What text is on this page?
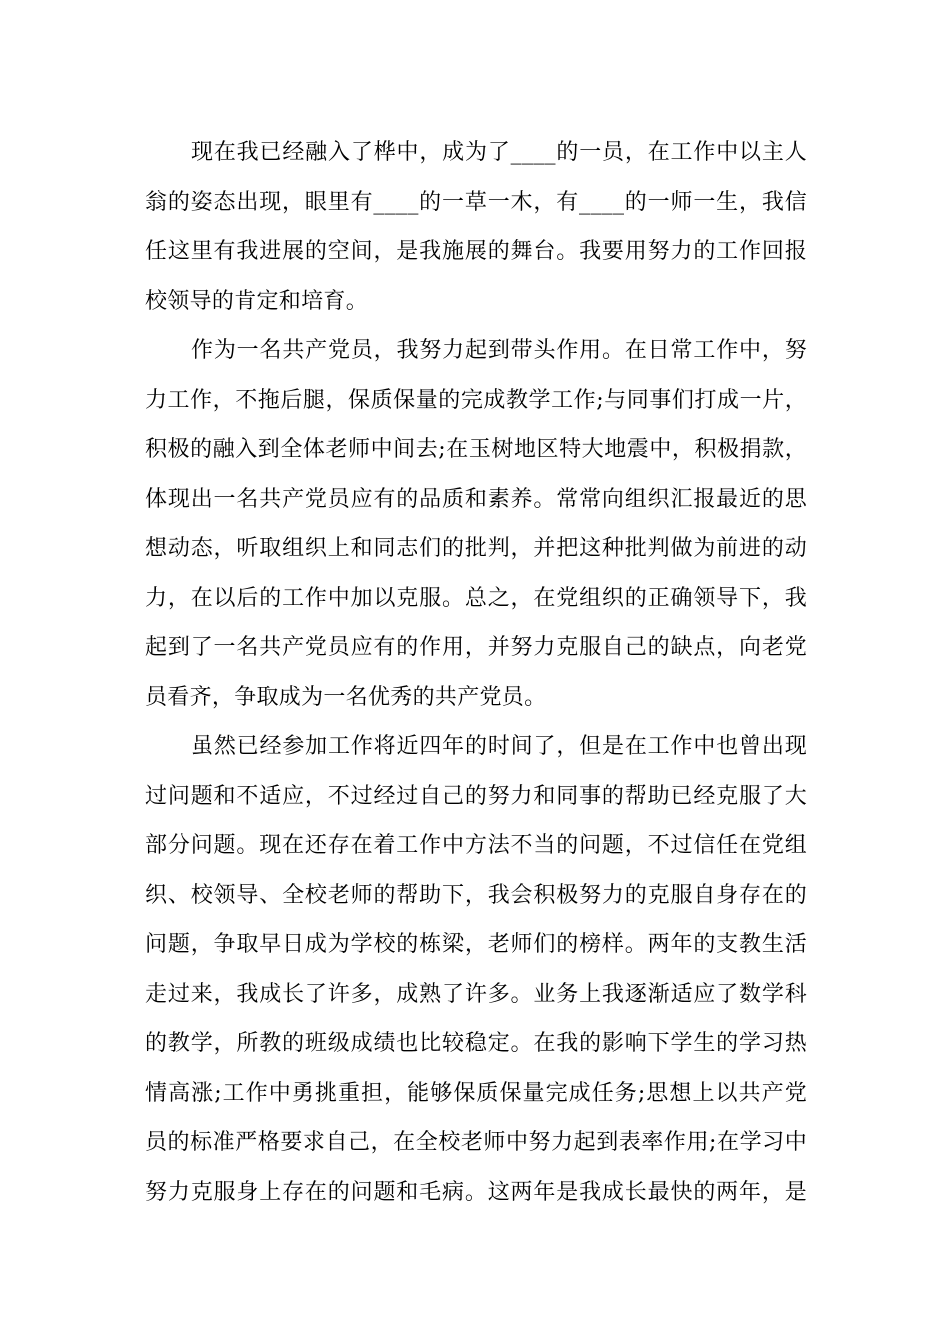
现在我已经融入了桦中，成为了____的一员，在工作中以主人
翁的姿态出现，眼里有____的一草一木，有____的一师一生，我信
任这里有我进展的空间，是我施展的舞台。我要用努力的工作回报
校领导的肯定和培育。
作为一名共产党员，我努力起到带头作用。在日常工作中，努
力工作，不拖后腿，保质保量的完成教学工作;与同事们打成一片，
积极的融入到全体老师中间去;在玉树地区特大地震中，积极捐款，
体现出一名共产党员应有的品质和素养。常常向组织汇报最近的思
想动态，听取组织上和同志们的批判，并把这种批判做为前进的动
力，在以后的工作中加以克服。总之，在党组织的正确领导下，我
起到了一名共产党员应有的作用，并努力克服自己的缺点，向老党
员看齐，争取成为一名优秀的共产党员。
虽然已经参加工作将近四年的时间了，但是在工作中也曾出现
过问题和不适应，不过经过自己的努力和同事的帮助已经克服了大
部分问题。现在还存在着工作中方法不当的问题，不过信任在党组
织、校领导、全校老师的帮助下，我会积极努力的克服自身存在的
问题，争取早日成为学校的栋梁，老师们的榜样。两年的支教生活
走过来，我成长了许多，成熟了许多。业务上我逐渐适应了数学科
的教学，所教的班级成绩也比较稳定。在我的影响下学生的学习热
情高涨;工作中勇挑重担，能够保质保量完成任务;思想上以共产党
员的标准严格要求自己，在全校老师中努力起到表率作用;在学习中
努力克服身上存在的问题和毛病。这两年是我成长最快的两年，是
